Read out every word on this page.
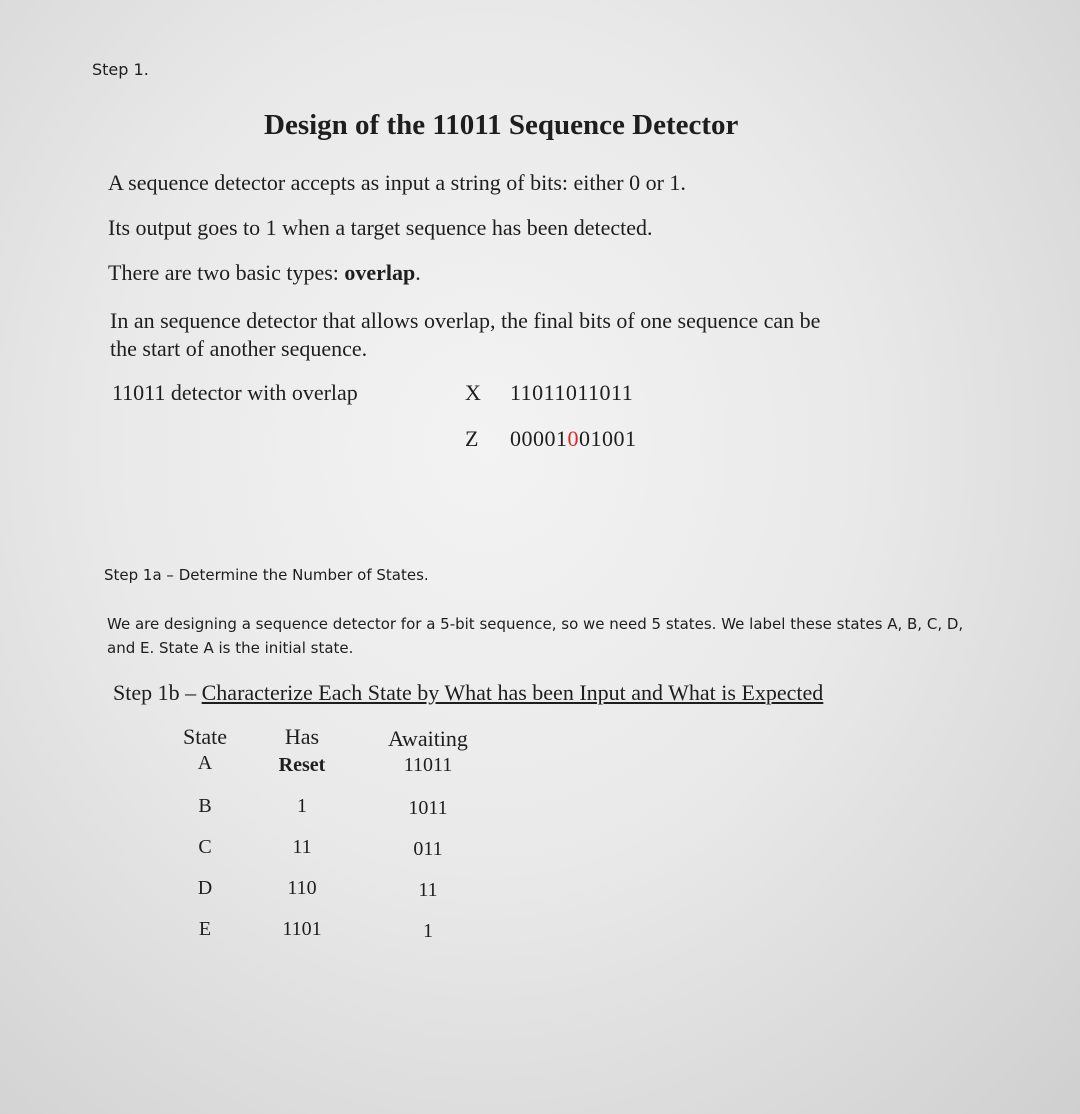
Step 1.

Design of the 11011 Sequence Detector

A sequence detector accepts as input a string of bits: either 0 or 1.

Its output goes to 1 when a target sequence has been detected.

There are two basic types: overlap.

In an sequence detector that allows overlap, the final bits of one sequence can be

the start of another sequence.

11011 detector with overlap	X 11011011011

Z 00001001001

Step 1a – Determine the Number of States.

We are designing a sequence detector for a 5-bit sequence, so we need 5 states. We label these states A, B, C, D,

and E. State A is the initial state.

Step 1b – Characterize Each State by What has been Input and What is Expected

State	Has	Awaiting

A	Reset	11011

B	1	1011

C	11	011

D	110	11

E	1101	1
